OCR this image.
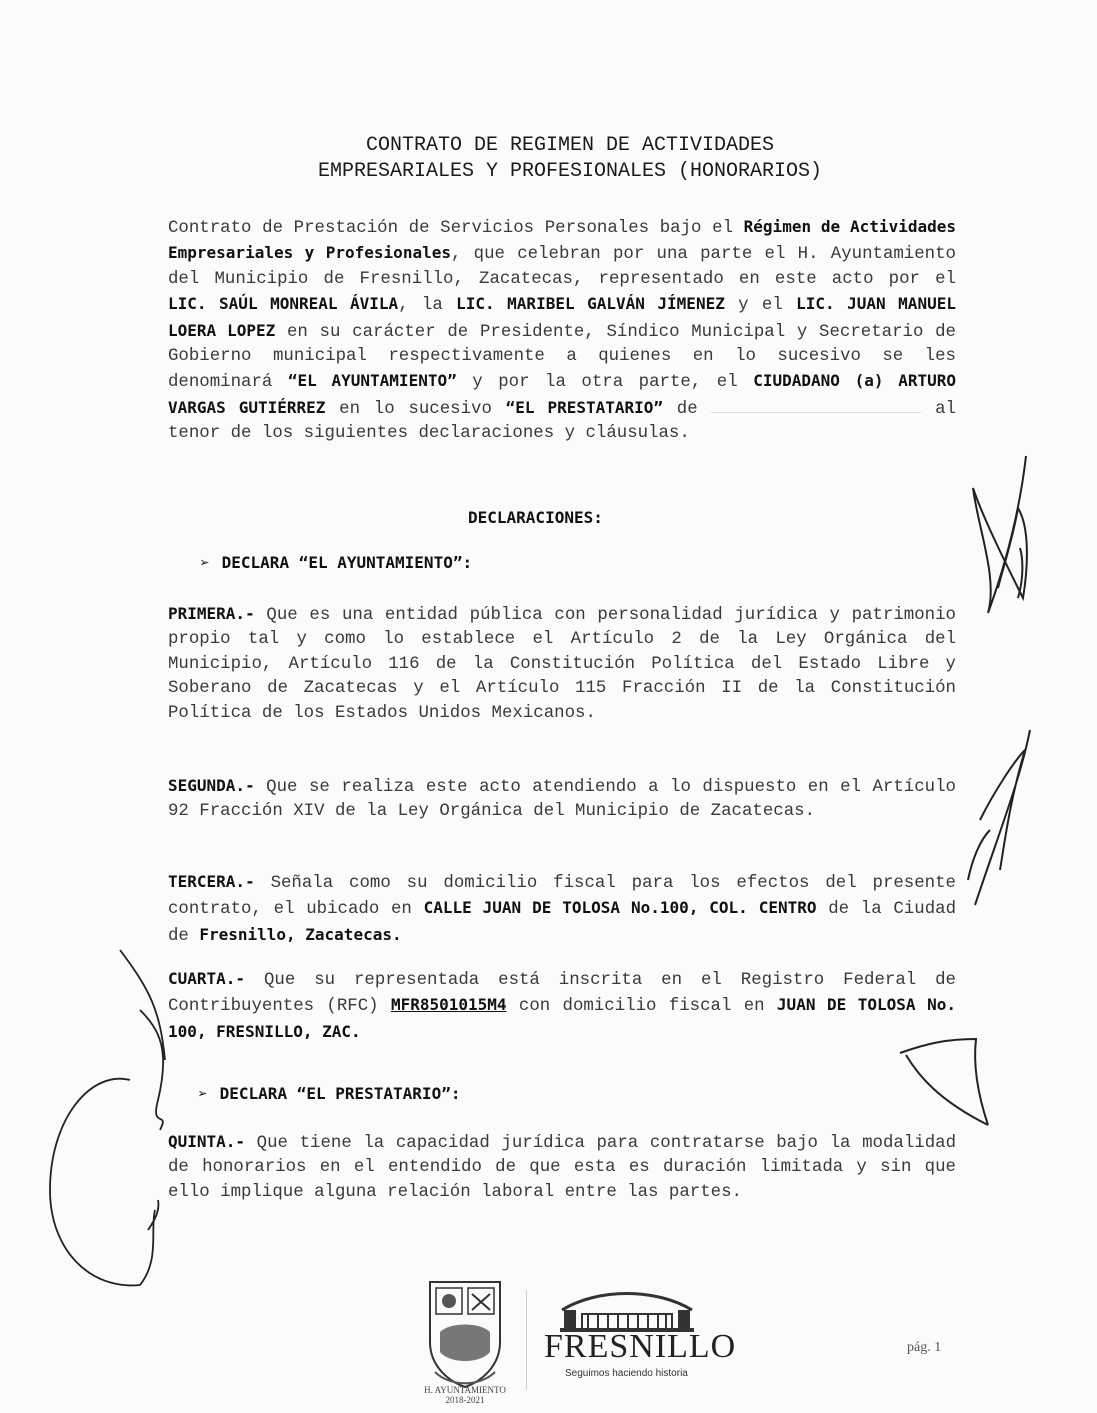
CONTRATO DE REGIMEN DE ACTIVIDADES
EMPRESARIALES Y PROFESIONALES (HONORARIOS)
Contrato de Prestación de Servicios Personales bajo el Régimen de Actividades Empresariales y Profesionales, que celebran por una parte el H. Ayuntamiento del Municipio de Fresnillo, Zacatecas, representado en este acto por el LIC. SAÚL MONREAL ÁVILA, la LIC. MARIBEL GALVÁN JÍMENEZ y el LIC. JUAN MANUEL LOERA LOPEZ en su carácter de Presidente, Síndico Municipal y Secretario de Gobierno municipal respectivamente a quienes en lo sucesivo se les denominará “EL AYUNTAMIENTO” y por la otra parte, el CIUDADANO (a) ARTURO VARGAS GUTIÉRREZ en lo sucesivo “EL PRESTATARIO” de	al tenor de los siguientes declaraciones y cláusulas.
DECLARACIONES:
➢ DECLARA “EL AYUNTAMIENTO”:
PRIMERA.- Que es una entidad pública con personalidad jurídica y patrimonio propio tal y como lo establece el Artículo 2 de la Ley Orgánica del Municipio, Artículo 116 de la Constitución Política del Estado Libre y Soberano de Zacatecas y el Artículo 115 Fracción II de la Constitución Política de los Estados Unidos Mexicanos.
SEGUNDA.- Que se realiza este acto atendiendo a lo dispuesto en el Artículo 92 Fracción XIV de la Ley Orgánica del Municipio de Zacatecas.
TERCERA.- Señala como su domicilio fiscal para los efectos del presente contrato, el ubicado en CALLE JUAN DE TOLOSA No.100, COL. CENTRO de la Ciudad de Fresnillo, Zacatecas.
CUARTA.- Que su representada está inscrita en el Registro Federal de Contribuyentes (RFC) MFR8501015M4 con domicilio fiscal en JUAN DE TOLOSA No. 100, FRESNILLO, ZAC.
➢ DECLARA “EL PRESTATARIO”:
QUINTA.- Que tiene la capacidad jurídica para contratarse bajo la modalidad de honorarios en el entendido de que esta es duración limitada y sin que ello implique alguna relación laboral entre las partes.
H. AYUNTAMIENTO
2018-2021
FRESNILLO
Seguimos haciendo historia
pág. 1
